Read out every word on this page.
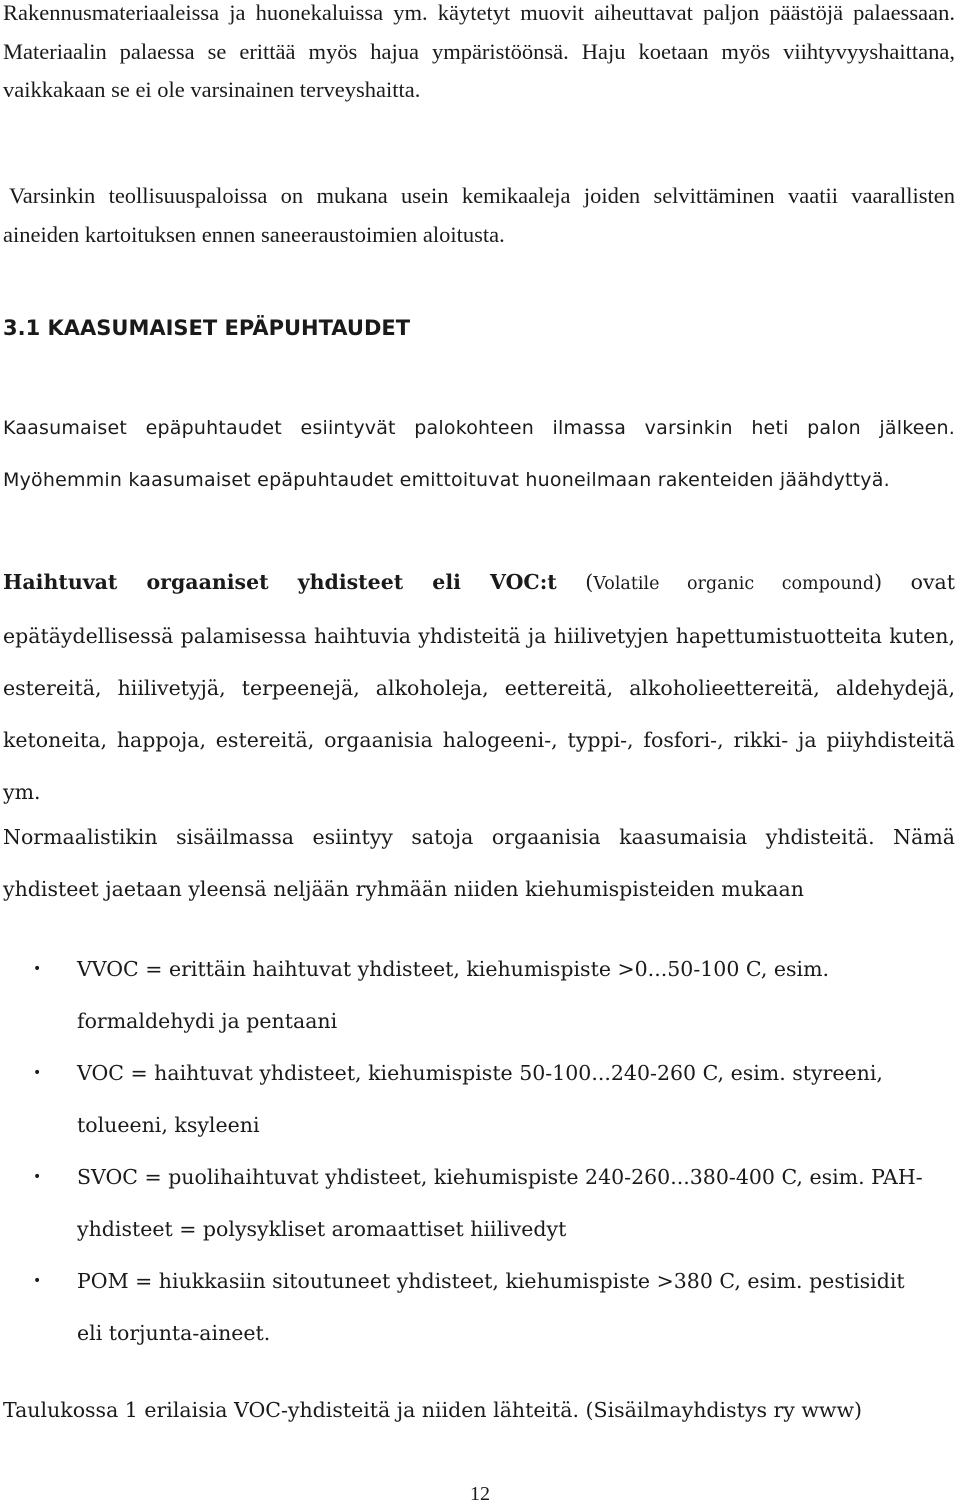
Rakennusmateriaaleissa ja huonekaluissa ym. käytetyt muovit aiheuttavat paljon päästöjä palaessaan. Materiaalin palaessa se erittää myös hajua ympäristöönsä. Haju koetaan myös viihtyvyyshaittana, vaikkakaan se ei ole varsinainen terveyshaitta.

Varsinkin teollisuuspaloissa on mukana usein kemikaaleja joiden selvittäminen vaatii vaarallisten aineiden kartoituksen ennen saneeraustoimien aloitusta.

3.1 KAASUMAISET EPÄPUHTAUDET

Kaasumaiset epäpuhtaudet esiintyvät palokohteen ilmassa varsinkin heti palon jälkeen. Myöhemmin kaasumaiset epäpuhtaudet emittoituvat huoneilmaan rakenteiden jäähdyttyä.

Haihtuvat orgaaniset yhdisteet eli VOC:t (Volatile organic compound) ovat epätäydellisessä palamisessa haihtuvia yhdisteitä ja hiilivetyjen hapettumistuotteita kuten, estereitä, hiilivetyjä, terpeenejä, alkoholeja, eettereitä, alkoholieettereitä, aldehydejä, ketoneita, happoja, estereitä, orgaanisia halogeeni-, typpi-, fosfori-, rikki- ja piiyhdisteitä ym.

Normaalistikin sisäilmassa esiintyy satoja orgaanisia kaasumaisia yhdisteitä. Nämä yhdisteet jaetaan yleensä neljään ryhmään niiden kiehumispisteiden mukaan

• VVOC = erittäin haihtuvat yhdisteet, kiehumispiste >0...50-100 C, esim. formaldehydi ja pentaani
• VOC = haihtuvat yhdisteet, kiehumispiste 50-100...240-260 C, esim. styreeni, tolueeni, ksyleeni
• SVOC = puolihaihtuvat yhdisteet, kiehumispiste 240-260...380-400 C, esim. PAH-yhdisteet = polysykliset aromaattiset hiilivedyt
• POM = hiukkasiin sitoutuneet yhdisteet, kiehumispiste >380 C, esim. pestisidit eli torjunta-aineet.

Taulukossa 1 erilaisia VOC-yhdisteitä ja niiden lähteitä. (Sisäilmayhdistys ry www)

12
